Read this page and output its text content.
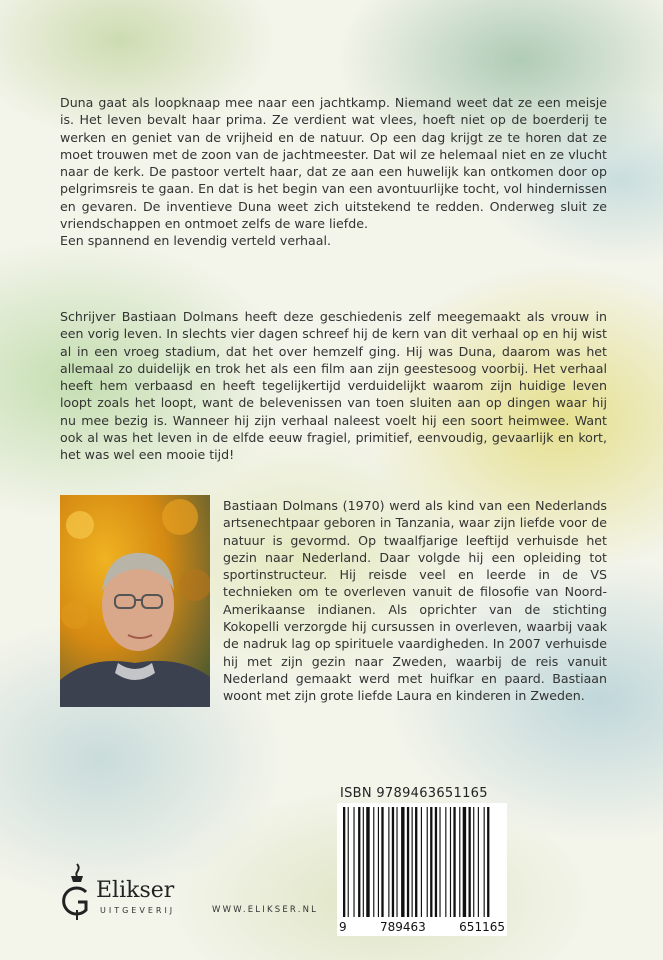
Duna gaat als loopknaap mee naar een jachtkamp. Niemand weet dat ze een meisje is. Het leven bevalt haar prima. Ze verdient wat vlees, hoeft niet op de boerderij te werken en geniet van de vrijheid en de natuur. Op een dag krijgt ze te horen dat ze moet trouwen met de zoon van de jachtmeester. Dat wil ze helemaal niet en ze vlucht naar de kerk. De pastoor vertelt haar, dat ze aan een huwelijk kan ontkomen door op pelgrimsreis te gaan. En dat is het begin van een avontuurlijke tocht, vol hindernissen en gevaren. De inventieve Duna weet zich uitstekend te redden. Onderweg sluit ze vriendschappen en ontmoet zelfs de ware liefde.

Een spannend en levendig verteld verhaal.

Schrijver Bastiaan Dolmans heeft deze geschiedenis zelf meegemaakt als vrouw in een vorig leven. In slechts vier dagen schreef hij de kern van dit verhaal op en hij wist al in een vroeg stadium, dat het over hemzelf ging. Hij was Duna, daarom was het allemaal zo duidelijk en trok het als een film aan zijn geestesoog voorbij. Het verhaal heeft hem verbaasd en heeft tegelijkertijd verduidelijkt waarom zijn huidige leven loopt zoals het loopt, want de belevenissen van toen sluiten aan op dingen waar hij nu mee bezig is. Wanneer hij zijn verhaal naleest voelt hij een soort heimwee. Want ook al was het leven in de elfde eeuw fragiel, primitief, eenvoudig, gevaarlijk en kort, het was wel een mooie tijd!

Bastiaan Dolmans (1970) werd als kind van een Nederlands artsenechtpaar geboren in Tanzania, waar zijn liefde voor de natuur is gevormd. Op twaalfjarige leeftijd verhuisde het gezin naar Nederland. Daar volgde hij een opleiding tot sportinstructeur. Hij reisde veel en leerde in de VS technieken om te overleven vanuit de filosofie van Noord-Amerikaanse indianen. Als oprichter van de stichting Kokopelli verzorgde hij cursussen in overleven, waarbij vaak de nadruk lag op spirituele vaardigheden. In 2007 verhuisde hij met zijn gezin naar Zweden, waarbij de reis vanuit Nederland gemaakt werd met huifkar en paard. Bastiaan woont met zijn grote liefde Laura en kinderen in Zweden.

ISBN 9789463651165
9	789463	651165
Elikser
UITGEVERIJ	WWW.ELIKSER.NL
